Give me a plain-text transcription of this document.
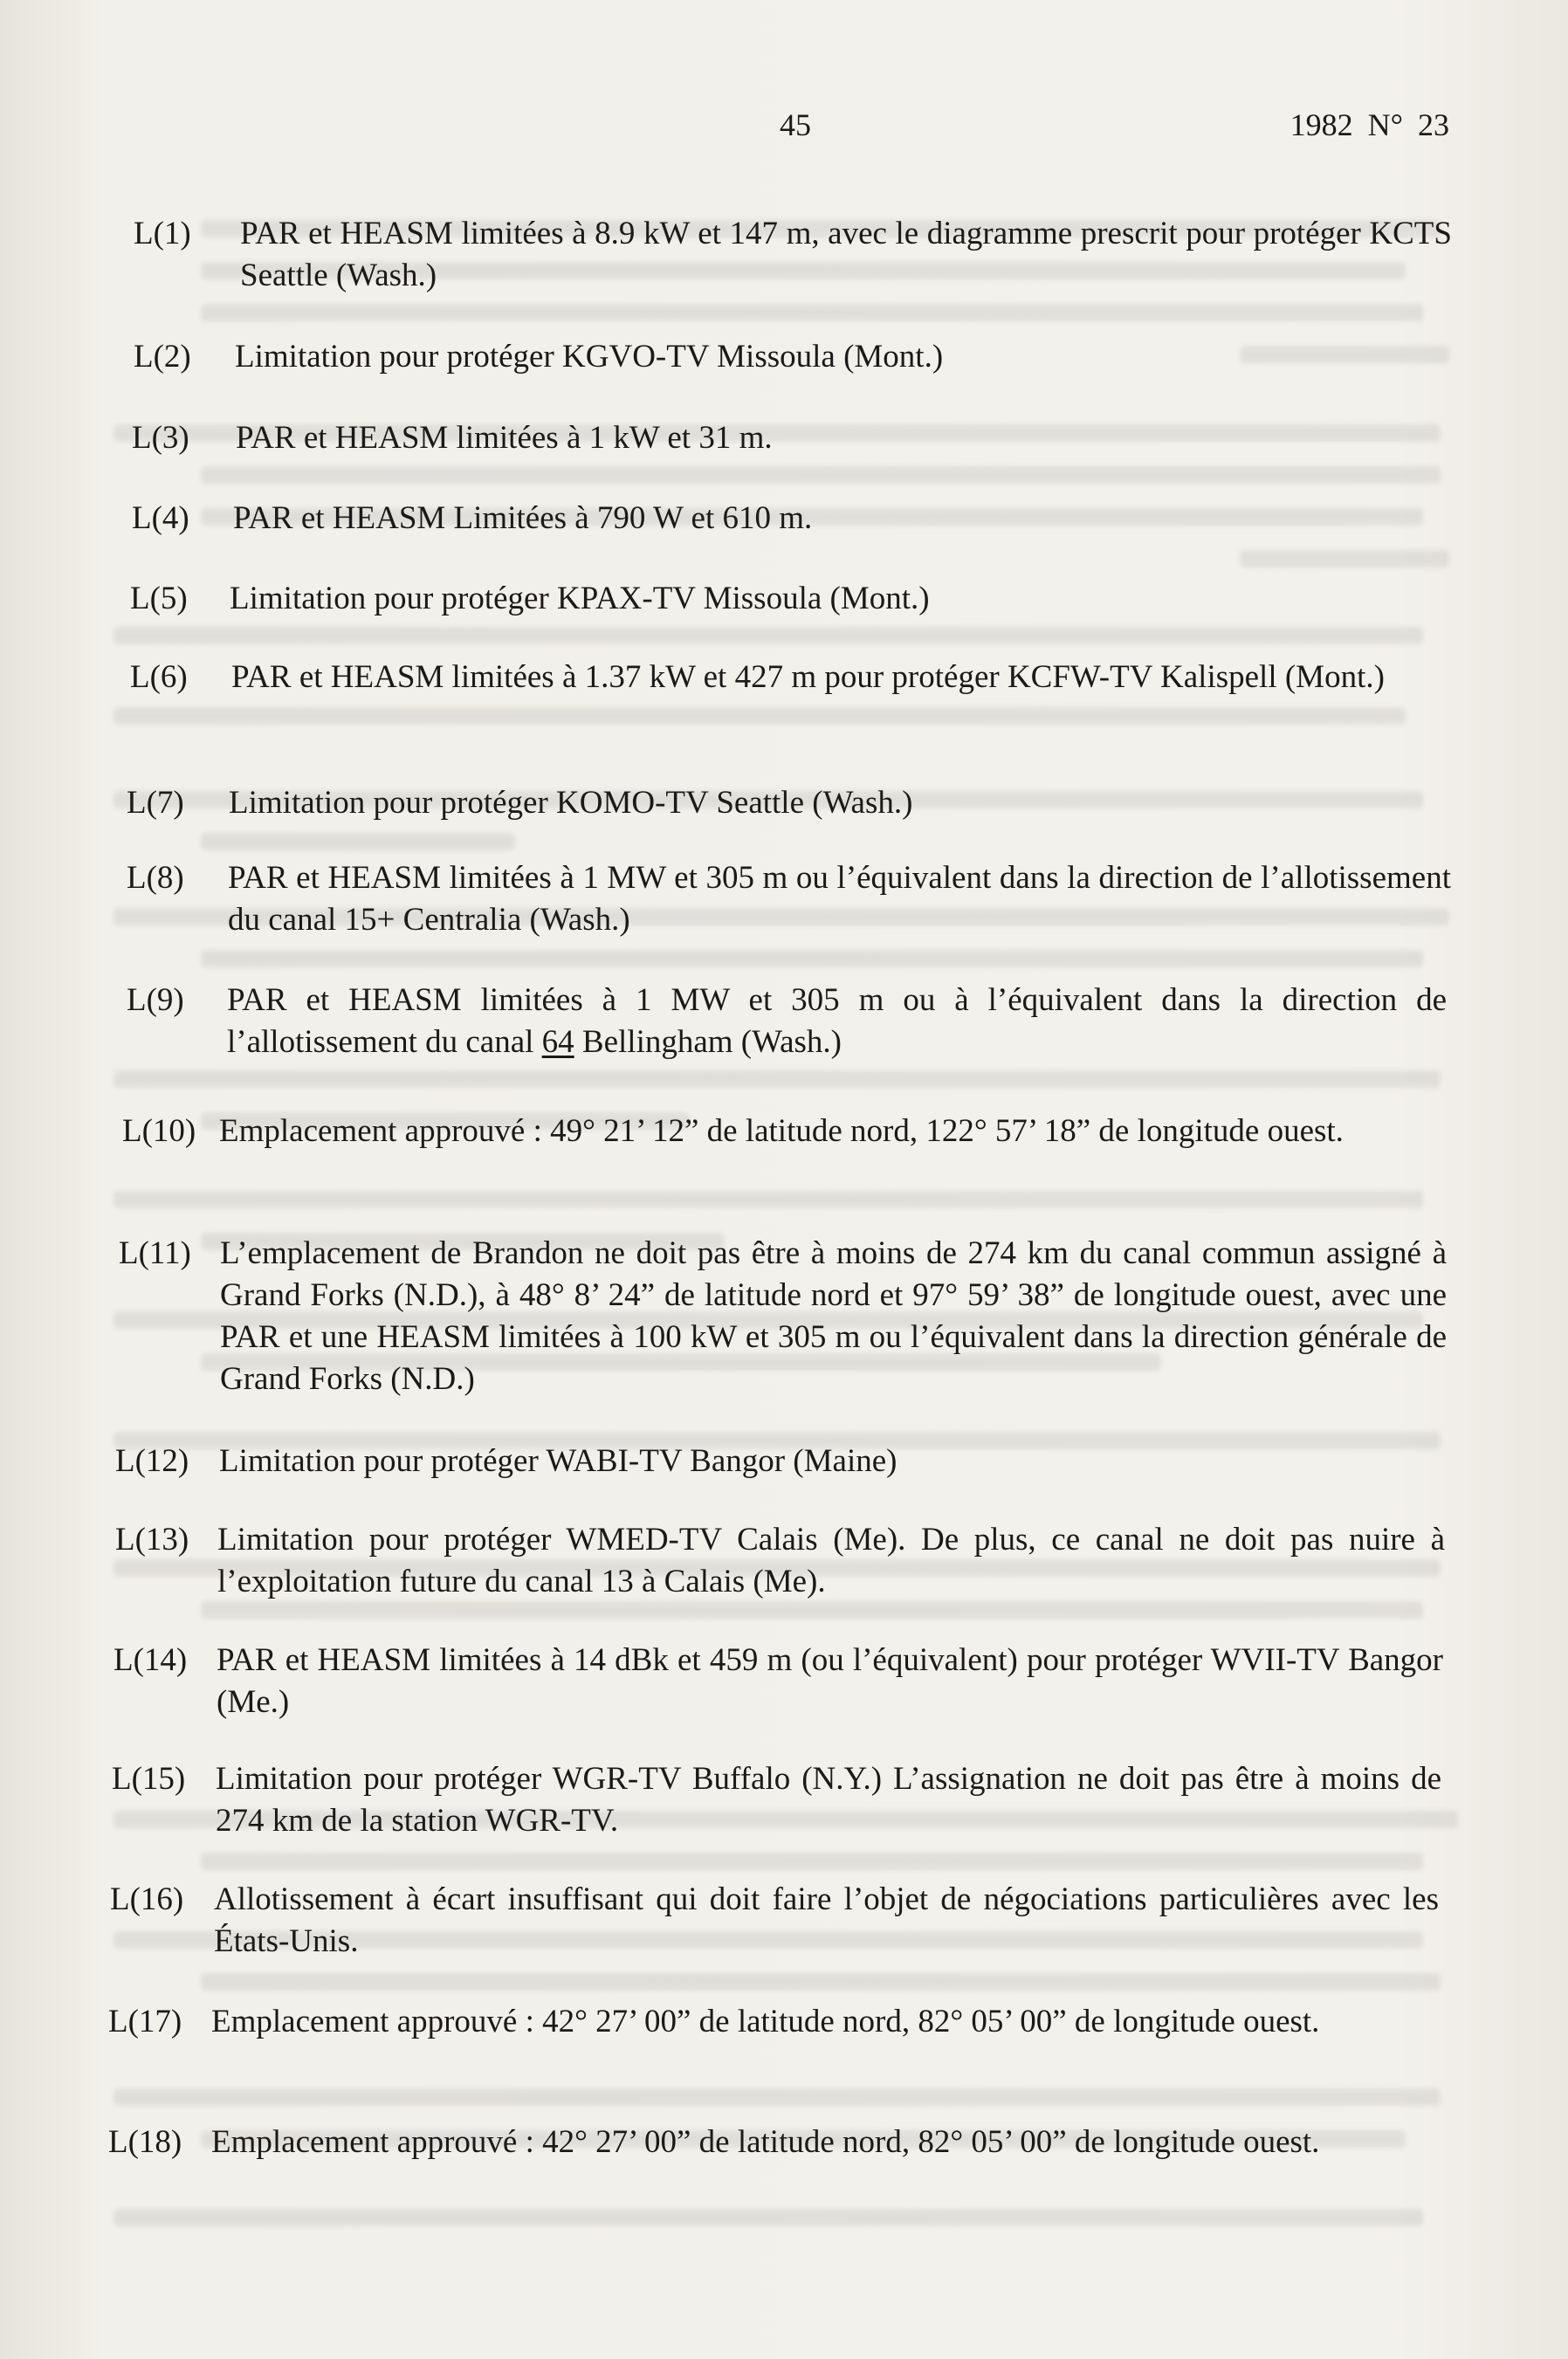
45	1982 N° 23
L(1)	PAR et HEASM limitées à 8.9 kW et 147 m, avec le diagramme prescrit pour protéger KCTS Seattle (Wash.)
L(2)	Limitation pour protéger KGVO-TV Missoula (Mont.)
L(3)	PAR et HEASM limitées à 1 kW et 31 m.
L(4)	PAR et HEASM Limitées à 790 W et 610 m.
L(5)	Limitation pour protéger KPAX-TV Missoula (Mont.)
L(6)	PAR et HEASM limitées à 1.37 kW et 427 m pour protéger KCFW-TV Kalispell (Mont.)
L(7)	Limitation pour protéger KOMO-TV Seattle (Wash.)
L(8)	PAR et HEASM limitées à 1 MW et 305 m ou l’équivalent dans la direction de l’allotissement du canal 15+ Centralia (Wash.)
L(9)	PAR et HEASM limitées à 1 MW et 305 m ou à l’équivalent dans la direction de l’allotissement du canal 64 Bellingham (Wash.)
L(10) Emplacement approuvé : 49° 21’ 12” de latitude nord, 122° 57’ 18” de longitude ouest.
L(11) L’emplacement de Brandon ne doit pas être à moins de 274 km du canal commun assigné à Grand Forks (N.D.), à 48° 8’ 24” de latitude nord et 97° 59’ 38” de longitude ouest, avec une PAR et une HEASM limitées à 100 kW et 305 m ou l’équivalent dans la direction générale de Grand Forks (N.D.)
L(12) Limitation pour protéger WABI-TV Bangor (Maine)
L(13) Limitation pour protéger WMED-TV Calais (Me). De plus, ce canal ne doit pas nuire à l’exploitation future du canal 13 à Calais (Me).
L(14) PAR et HEASM limitées à 14 dBk et 459 m (ou l’équivalent) pour protéger WVII-TV Bangor (Me.)
L(15) Limitation pour protéger WGR-TV Buffalo (N.Y.) L’assignation ne doit pas être à moins de 274 km de la station WGR-TV.
L(16) Allotissement à écart insuffisant qui doit faire l’objet de négociations particulières avec les États-Unis.
L(17) Emplacement approuvé : 42° 27’ 00” de latitude nord, 82° 05’ 00” de longitude ouest.
L(18) Emplacement approuvé : 42° 27’ 00” de latitude nord, 82° 05’ 00” de longitude ouest.
